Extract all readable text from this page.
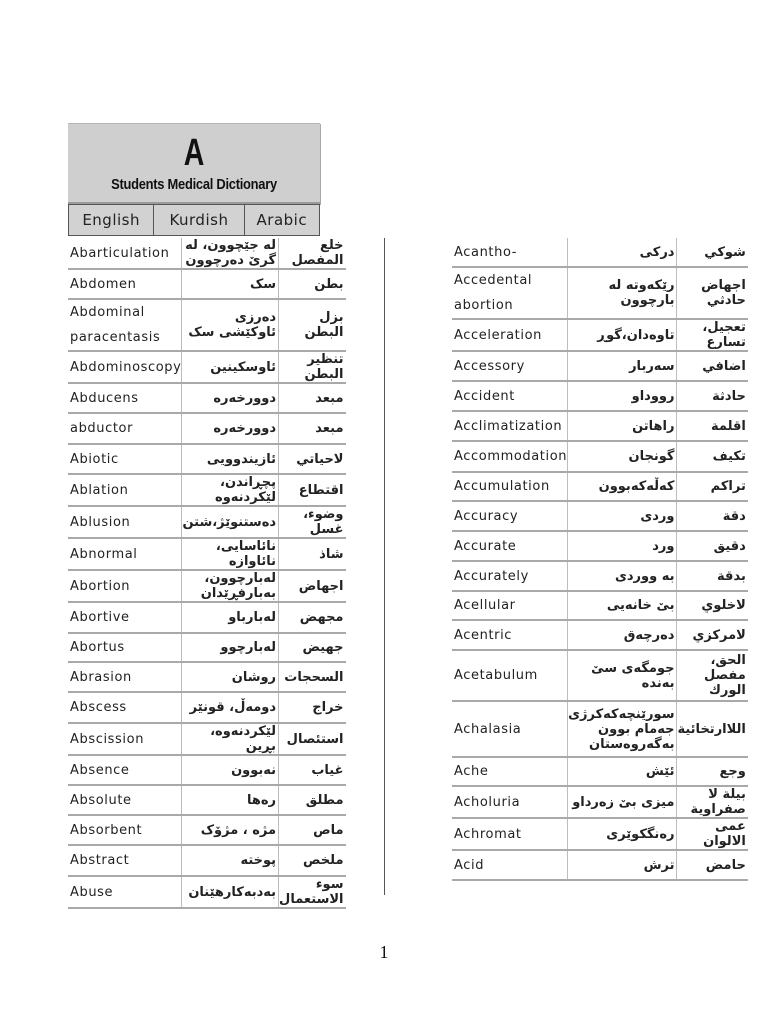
A
Students Medical Dictionary
English	Kurdish	Arabic
Abarticulation	لە جێچوون، لە گرێ دەرچوون	خلع المفصل
Abdomen	سک	بطن
Abdominal paracentasis	دەرزی ئاوکێشی سک	بزل البطن
Abdominoscopy	ئاوسکینین	تنظير البطن
Abducens	دوورخەرە	مبعد
abductor	دوورخەرە	مبعد
Abiotic	ئازیندوویی	لاحياتي
Ablation	پچڕاندن، لێکردنەوە	اقتطاع
Ablusion	دەستنوێژ،شتن	وضوء، غسل
Abnormal	نائاسایی، نائاوازە	شاذ
Abortion	لەبارچوون، بەبارفڕێدان	اجهاض
Abortive	لەبارباو	مجهض
Abortus	لەبارچوو	جهيض
Abrasion	روشان	السحجات
Abscess	دومەڵ، قونێر	خراج
Abscission	لێکردنەوە، بڕین	استئصال
Absence	نەبوون	غياب
Absolute	رەها	مطلق
Absorbent	مژە ، مژۆک	ماص
Abstract	پوختە	ملخص
Abuse	بەدبەکارهێنان	سوء الاستعمال
Acantho-	درکی	شوكي
Accedental abortion	رێکەوتە لە بارچوون	اجهاض حادثي
Acceleration	تاوەدان،گوڕ	تعجيل، تسارع
Accessory	سەربار	اضافي
Accident	رووداو	حادثة
Acclimatization	راهاتن	اقلمة
Accommodation	گونجان	تكيف
Accumulation	کەڵەکەبوون	تراكم
Accuracy	وردی	دقة
Accurate	ورد	دقيق
Accurately	بە ووردی	بدقة
Acellular	بێ خانەیی	لاخلوي
Acentric	دەرچەق	لامركزي
Acetabulum	جومگەی سێ بەندە	الحق، مفصل الورك
Achalasia	سورێنچەکەکرژی جەمام بوون بەگەروەستان	اللاارتخائية
Ache	ئێش	وجع
Acholuria	میزی بێ زەرداو	بيلة لا صفراوية
Achromat	رەنگکوێری	عمى الالوان
Acid	ترش	حامض
1
